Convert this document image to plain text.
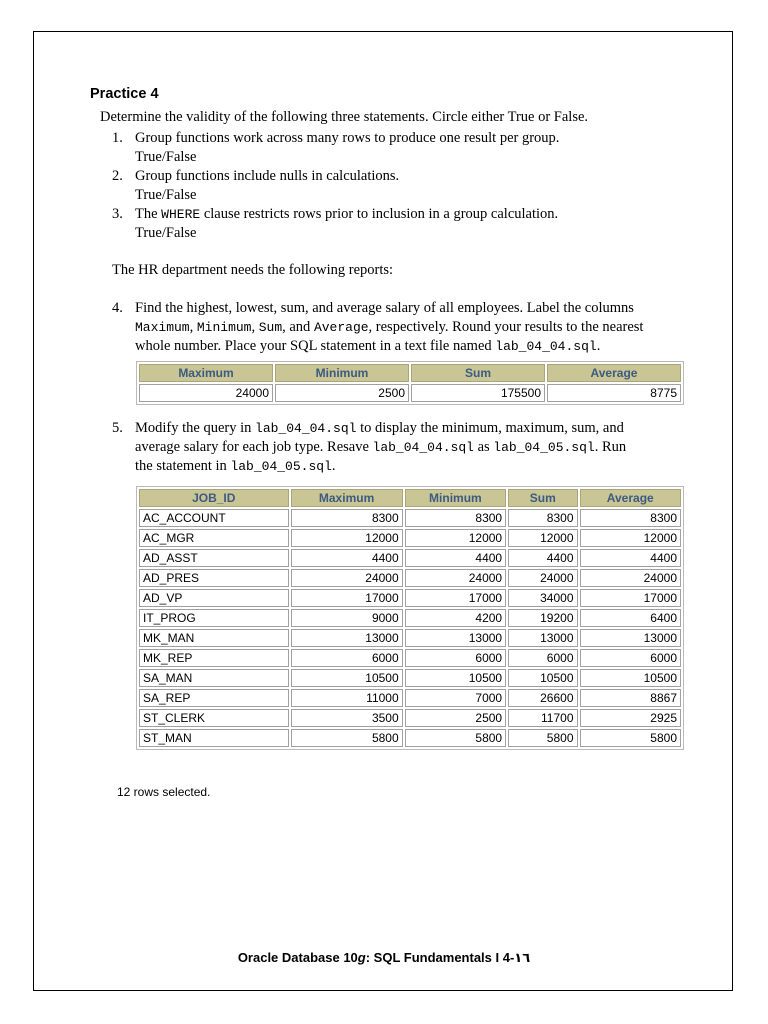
Practice 4
Determine the validity of the following three statements. Circle either True or False.
1. Group functions work across many rows to produce one result per group.
True/False
2. Group functions include nulls in calculations.
True/False
3. The WHERE clause restricts rows prior to inclusion in a group calculation.
True/False
The HR department needs the following reports:
4. Find the highest, lowest, sum, and average salary of all employees. Label the columns
Maximum, Minimum, Sum, and Average, respectively. Round your results to the nearest
whole number. Place your SQL statement in a text file named lab_04_04.sql.
Maximum	Minimum	Sum	Average
24000	2500	175500	8775
5. Modify the query in lab_04_04.sql to display the minimum, maximum, sum, and
average salary for each job type. Resave lab_04_04.sql as lab_04_05.sql. Run
the statement in lab_04_05.sql.
JOB_ID	Maximum	Minimum	Sum	Average
AC_ACCOUNT	8300	8300	8300	8300
AC_MGR	12000	12000	12000	12000
AD_ASST	4400	4400	4400	4400
AD_PRES	24000	24000	24000	24000
AD_VP	17000	17000	34000	17000
IT_PROG	9000	4200	19200	6400
MK_MAN	13000	13000	13000	13000
MK_REP	6000	6000	6000	6000
SA_MAN	10500	10500	10500	10500
SA_REP	11000	7000	26600	8867
ST_CLERK	3500	2500	11700	2925
ST_MAN	5800	5800	5800	5800
12 rows selected.
Oracle Database 10g: SQL Fundamentals I 4-١٦
